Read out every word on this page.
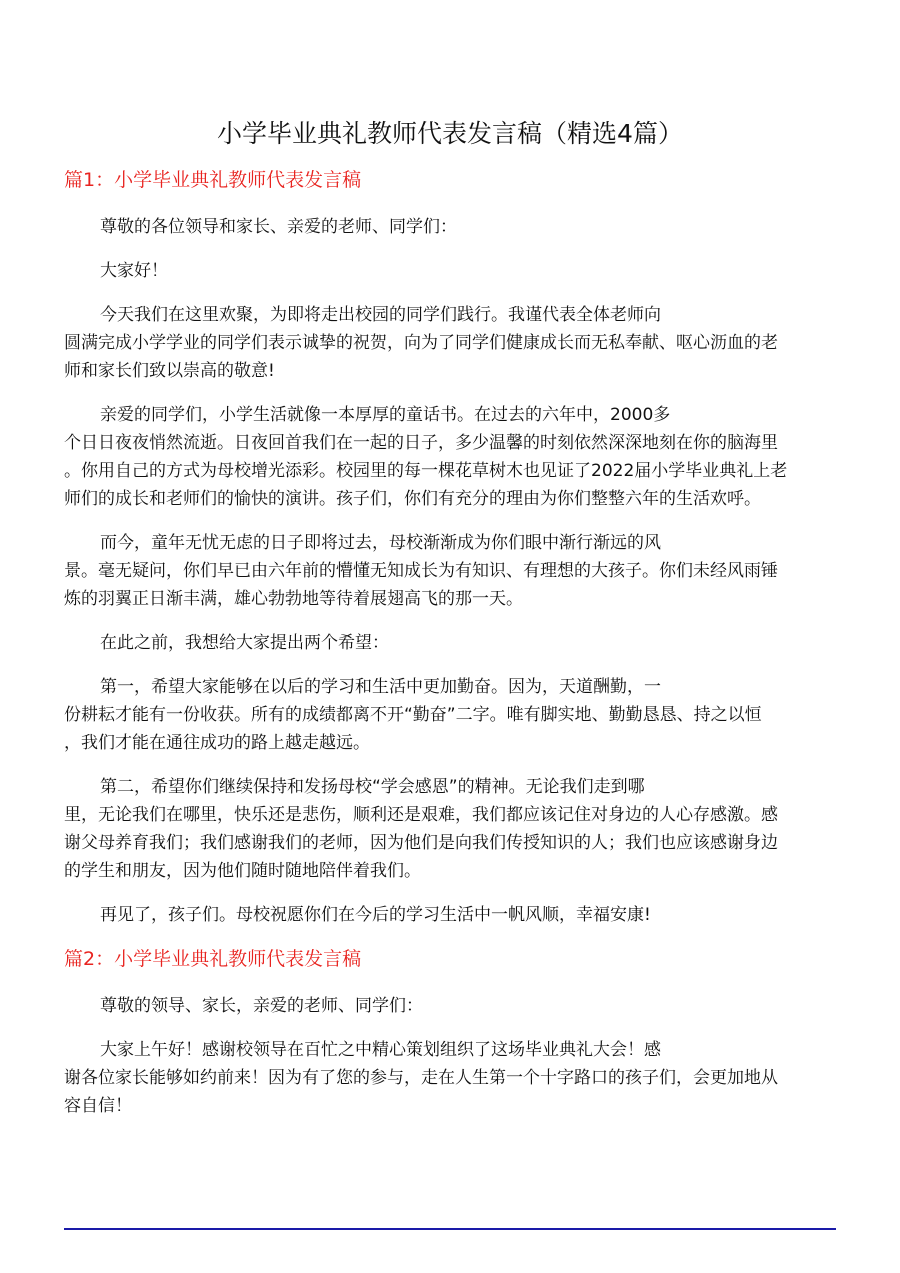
小学毕业典礼教师代表发言稿（精选4篇）
篇1：小学毕业典礼教师代表发言稿

尊敬的各位领导和家长、亲爱的老师、同学们：

大家好！

今天我们在这里欢聚，为即将走出校园的同学们践行。我谨代表全体老师向
圆满完成小学学业的同学们表示诚挚的祝贺，向为了同学们健康成长而无私奉献、呕心沥血的老
师和家长们致以崇高的敬意!

亲爱的同学们，小学生活就像一本厚厚的童话书。在过去的六年中，2000多
个日日夜夜悄然流逝。日夜回首我们在一起的日子，多少温馨的时刻依然深深地刻在你的脑海里
。你用自己的方式为母校增光添彩。校园里的每一棵花草树木也见证了2022届小学毕业典礼上老
师们的成长和老师们的愉快的演讲。孩子们，你们有充分的理由为你们整整六年的生活欢呼。

而今，童年无忧无虑的日子即将过去，母校渐渐成为你们眼中渐行渐远的风
景。毫无疑问，你们早已由六年前的懵懂无知成长为有知识、有理想的大孩子。你们未经风雨锤
炼的羽翼正日渐丰满，雄心勃勃地等待着展翅高飞的那一天。

在此之前，我想给大家提出两个希望：

第一，希望大家能够在以后的学习和生活中更加勤奋。因为，天道酬勤，一
份耕耘才能有一份收获。所有的成绩都离不开“勤奋”二字。唯有脚实地、勤勤恳恳、持之以恒
，我们才能在通往成功的路上越走越远。

第二，希望你们继续保持和发扬母校“学会感恩”的精神。无论我们走到哪
里，无论我们在哪里，快乐还是悲伤，顺利还是艰难，我们都应该记住对身边的人心存感激。感
谢父母养育我们；我们感谢我们的老师，因为他们是向我们传授知识的人；我们也应该感谢身边
的学生和朋友，因为他们随时随地陪伴着我们。

再见了，孩子们。母校祝愿你们在今后的学习生活中一帆风顺，幸福安康!

篇2：小学毕业典礼教师代表发言稿

尊敬的领导、家长，亲爱的老师、同学们：

大家上午好！感谢校领导在百忙之中精心策划组织了这场毕业典礼大会！感
谢各位家长能够如约前来！因为有了您的参与，走在人生第一个十字路口的孩子们，会更加地从
容自信！
